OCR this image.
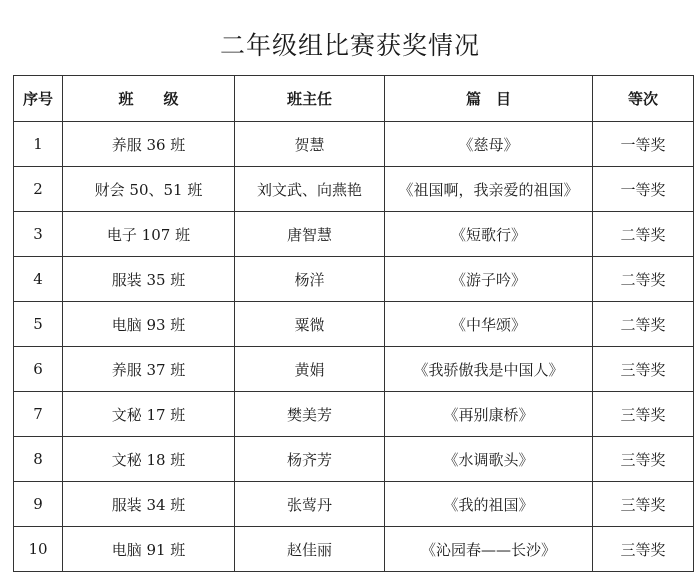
二年级组比赛获奖情况
序号	班　　级	班主任	篇　目	等次
1	养服 36 班	贺慧	《慈母》	一等奖
2	财会 50、51 班	刘文武、向燕艳	《祖国啊，我亲爱的祖国》	一等奖
3	电子 107 班	唐智慧	《短歌行》	二等奖
4	服装 35 班	杨洋	《游子吟》	二等奖
5	电脑 93 班	粟微	《中华颂》	二等奖
6	养服 37 班	黄娟	《我骄傲我是中国人》	三等奖
7	文秘 17 班	樊美芳	《再别康桥》	三等奖
8	文秘 18 班	杨齐芳	《水调歌头》	三等奖
9	服装 34 班	张莺丹	《我的祖国》	三等奖
10	电脑 91 班	赵佳丽	《沁园春——长沙》	三等奖
